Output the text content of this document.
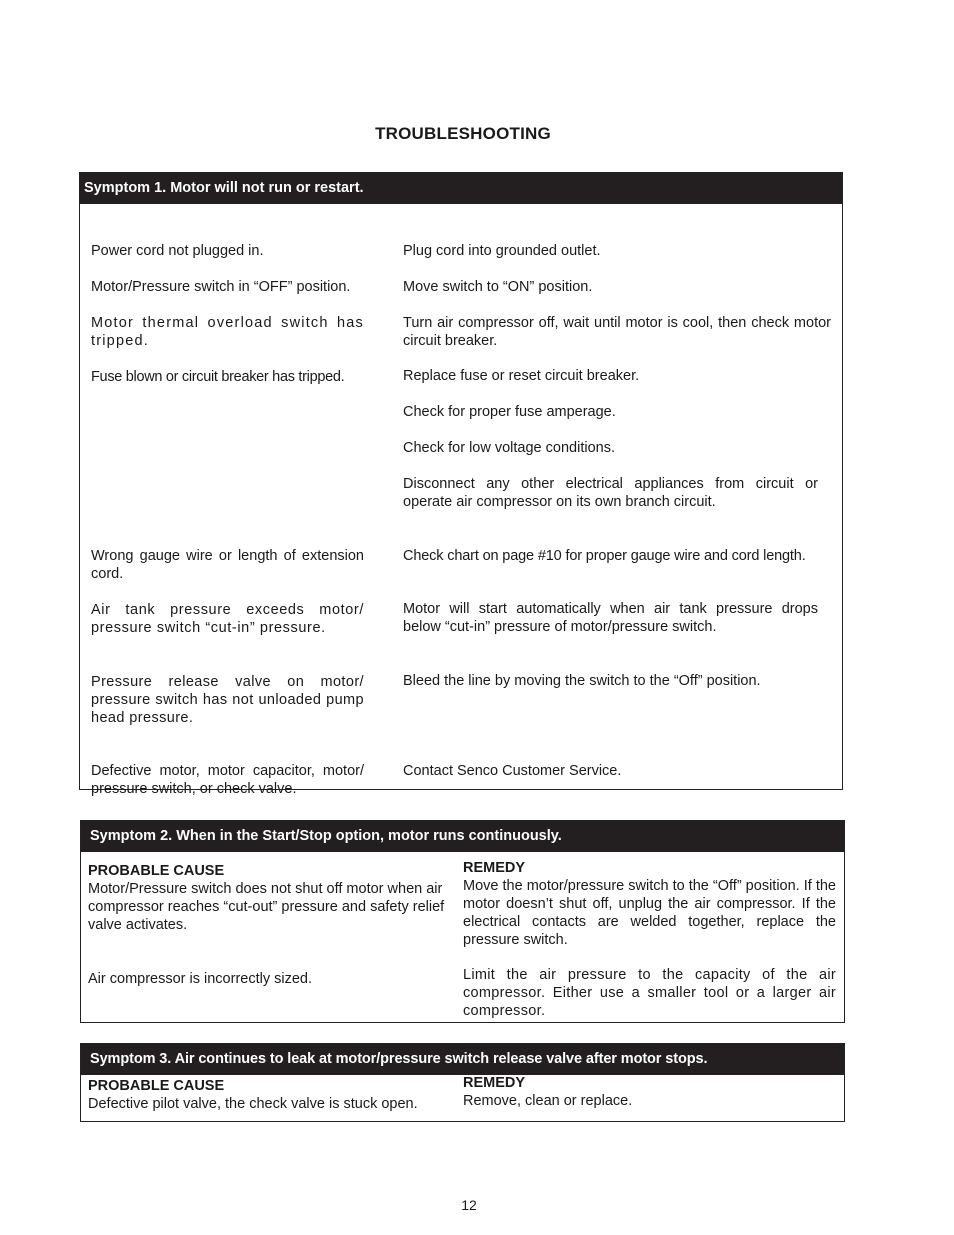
TROUBLESHOOTING
Symptom 1. Motor will not run or restart.

Power cord not plugged in.

Motor/Pressure switch in “OFF” position.

Motor thermal overload switch has tripped.

Fuse blown or circuit breaker has tripped.

Wrong gauge wire or length of extension cord.

Air tank pressure exceeds motor/ pressure switch “cut-in” pressure.

Pressure release valve on motor/ pressure switch has not unloaded pump head pressure.

Defective motor, motor capacitor, motor/ pressure switch, or check valve.

Plug cord into grounded outlet.

Move switch to “ON” position.

Turn air compressor off, wait until motor is cool, then check motor circuit breaker.

Replace fuse or reset circuit breaker.

Check for proper fuse amperage.

Check for low voltage conditions.

Disconnect any other electrical appliances from circuit or operate air compressor on its own branch circuit.

Check chart on page #10 for proper gauge wire and cord length.

Motor will start automatically when air tank pressure drops below “cut-in” pressure of motor/pressure switch.

Bleed the line by moving the switch to the “Off” position.

Contact Senco Customer Service.

Symptom 2. When in the Start/Stop option, motor runs continuously.

PROBABLE CAUSE

Motor/Pressure switch does not shut off motor when air compressor reaches “cut-out” pressure and safety relief valve activates.

Air compressor is incorrectly sized.

REMEDY

Move the motor/pressure switch to the “Off” position. If the motor doesn’t shut off, unplug the air compressor. If the electrical contacts are welded together, replace the pressure switch.

Limit the air pressure to the capacity of the air compressor. Either use a smaller tool or a larger air compressor.

Symptom 3. Air continues to leak at motor/pressure switch release valve after motor stops.

PROBABLE CAUSE

Defective pilot valve, the check valve is stuck open.

REMEDY

Remove, clean or replace.

12
